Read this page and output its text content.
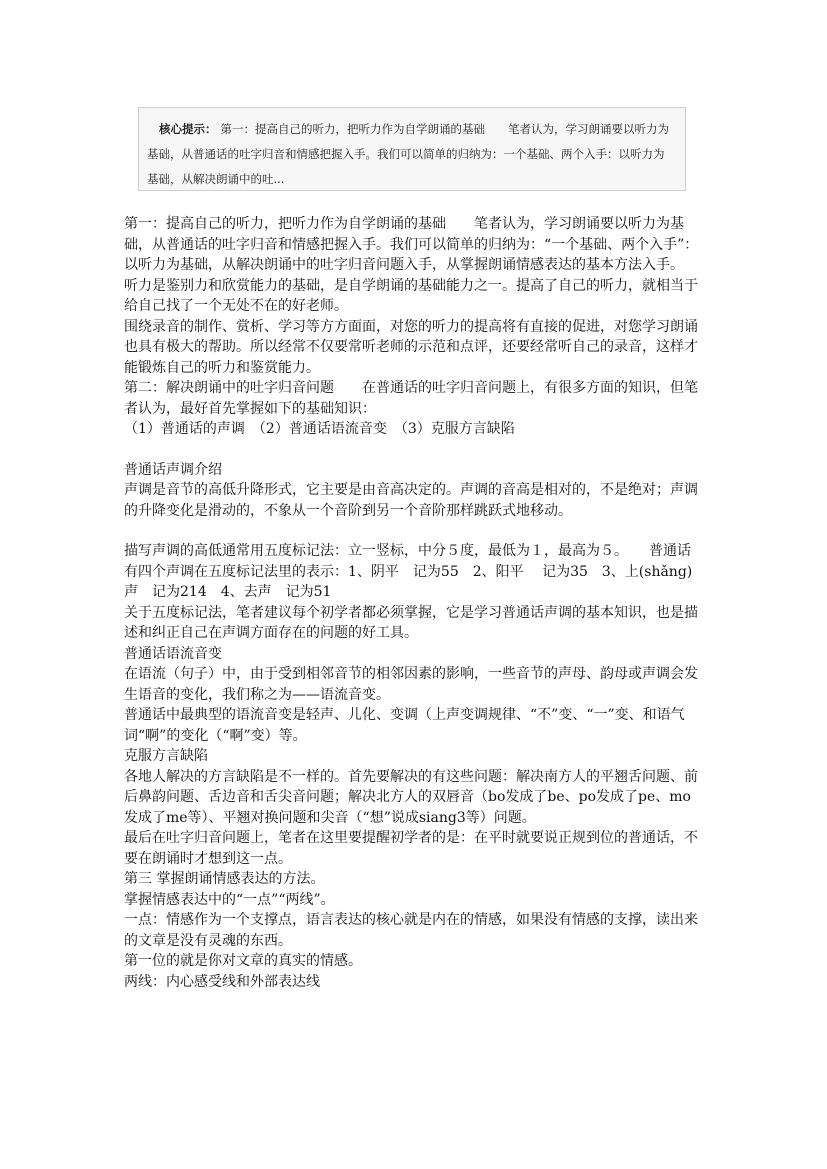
核心提示： 第一：提高自己的听力，把听力作为自学朗诵的基础　　笔者认为，学习朗诵要以听力为基础，从普通话的吐字归音和情感把握入手。我们可以简单的归纳为：一个基础、两个入手：以听力为基础，从解决朗诵中的吐...

第一：提高自己的听力，把听力作为自学朗诵的基础　　笔者认为，学习朗诵要以听力为基础，从普通话的吐字归音和情感把握入手。我们可以简单的归纳为：“一个基础、两个入手”：以听力为基础，从解决朗诵中的吐字归音问题入手，从掌握朗诵情感表达的基本方法入手。

听力是鉴别力和欣赏能力的基础，是自学朗诵的基础能力之一。提高了自己的听力，就相当于给自己找了一个无处不在的好老师。

围绕录音的制作、赏析、学习等方方面面，对您的听力的提高将有直接的促进，对您学习朗诵也具有极大的帮助。所以经常不仅要常听老师的示范和点评，还要经常听自己的录音，这样才能锻炼自己的听力和鉴赏能力。

第二：解决朗诵中的吐字归音问题　　在普通话的吐字归音问题上，有很多方面的知识，但笔者认为，最好首先掌握如下的基础知识：

（1）普通话的声调　（2）普通话语流音变　（3）克服方言缺陷

普通话声调介绍

声调是音节的高低升降形式，它主要是由音高决定的。声调的音高是相对的，不是绝对；声调的升降变化是滑动的，不象从一个音阶到另一个音阶那样跳跃式地移动。

描写声调的高低通常用五度标记法：立一竖标，中分５度，最低为１，最高为５。　　普通话有四个声调在五度标记法里的表示：1、阴平　记为55　2、阳平　 记为35　3、上(shǎng)声　记为214　4、去声　记为51

关于五度标记法，笔者建议每个初学者都必须掌握，它是学习普通话声调的基本知识，也是描述和纠正自己在声调方面存在的问题的好工具。

普通话语流音变

在语流（句子）中，由于受到相邻音节的相邻因素的影响，一些音节的声母、韵母或声调会发生语音的变化，我们称之为——语流音变。

普通话中最典型的语流音变是轻声、儿化、变调（上声变调规律、“不”变、“一”变、和语气词“啊”的变化（“啊”变）等。

克服方言缺陷

各地人解决的方言缺陷是不一样的。首先要解决的有这些问题：解决南方人的平翘舌问题、前后鼻韵问题、舌边音和舌尖音问题；解决北方人的双唇音（bo发成了be、po发成了pe、mo发成了me等）、平翘对换问题和尖音（“想”说成siang3等）问题。

最后在吐字归音问题上，笔者在这里要提醒初学者的是：在平时就要说正规到位的普通话，不要在朗诵时才想到这一点。

第三 掌握朗诵情感表达的方法。

掌握情感表达中的“一点”“两线”。

一点：情感作为一个支撑点，语言表达的核心就是内在的情感，如果没有情感的支撑，读出来的文章是没有灵魂的东西。

第一位的就是你对文章的真实的情感。

两线：内心感受线和外部表达线
